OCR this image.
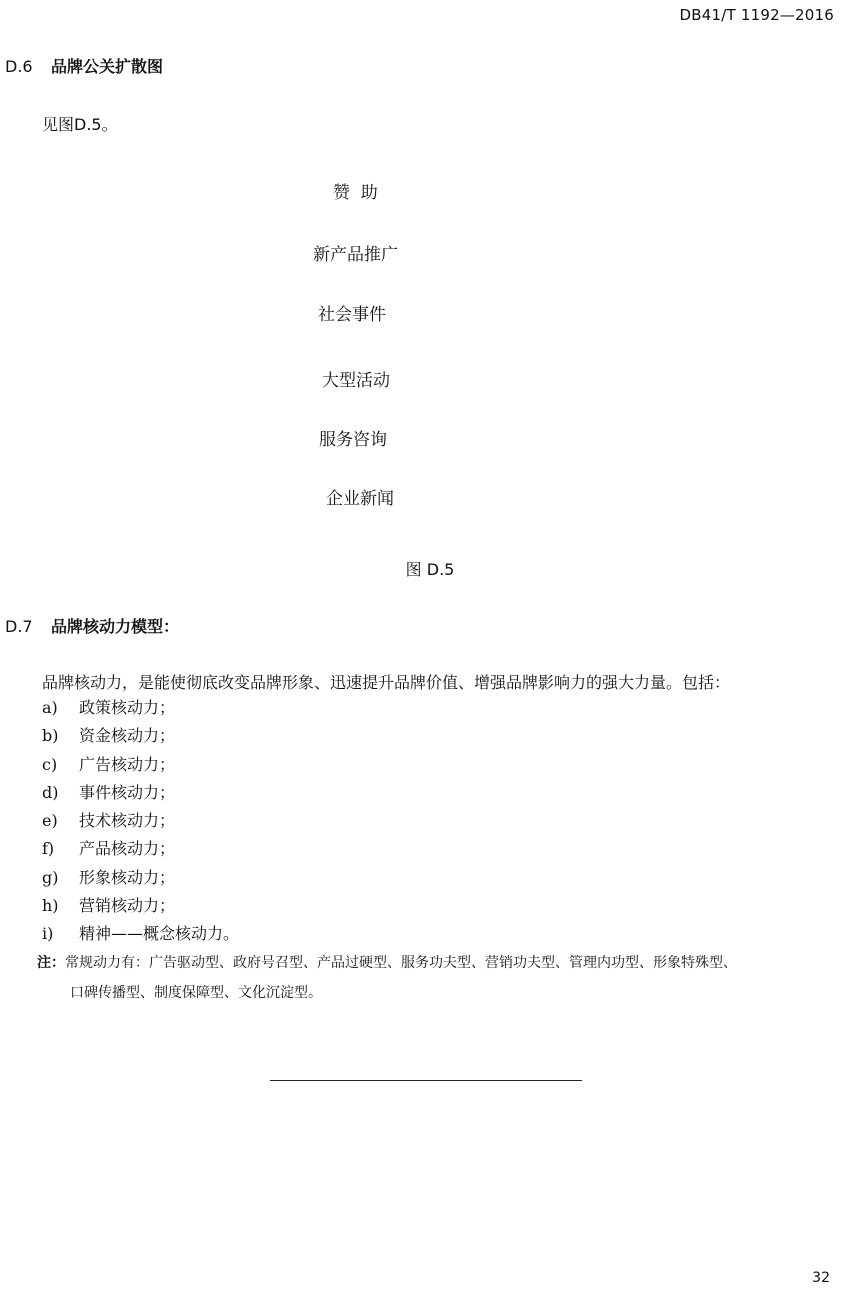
DB41/T 1192—2016
D.6 品牌公关扩散图
见图D.5。
赞  助
新产品推广
社会事件
大型活动
服务咨询
企业新闻
图 D.5
D.7 品牌核动力模型：
品牌核动力，是能使彻底改变品牌形象、迅速提升品牌价值、增强品牌影响力的强大力量。包括：
a) 政策核动力；
b) 资金核动力；
c) 广告核动力；
d) 事件核动力；
e) 技术核动力；
f) 产品核动力；
g) 形象核动力；
h) 营销核动力；
i) 精神——概念核动力。
注：常规动力有：广告驱动型、政府号召型、产品过硬型、服务功夫型、营销功夫型、管理内功型、形象特殊型、
口碑传播型、制度保障型、文化沉淀型。
32
